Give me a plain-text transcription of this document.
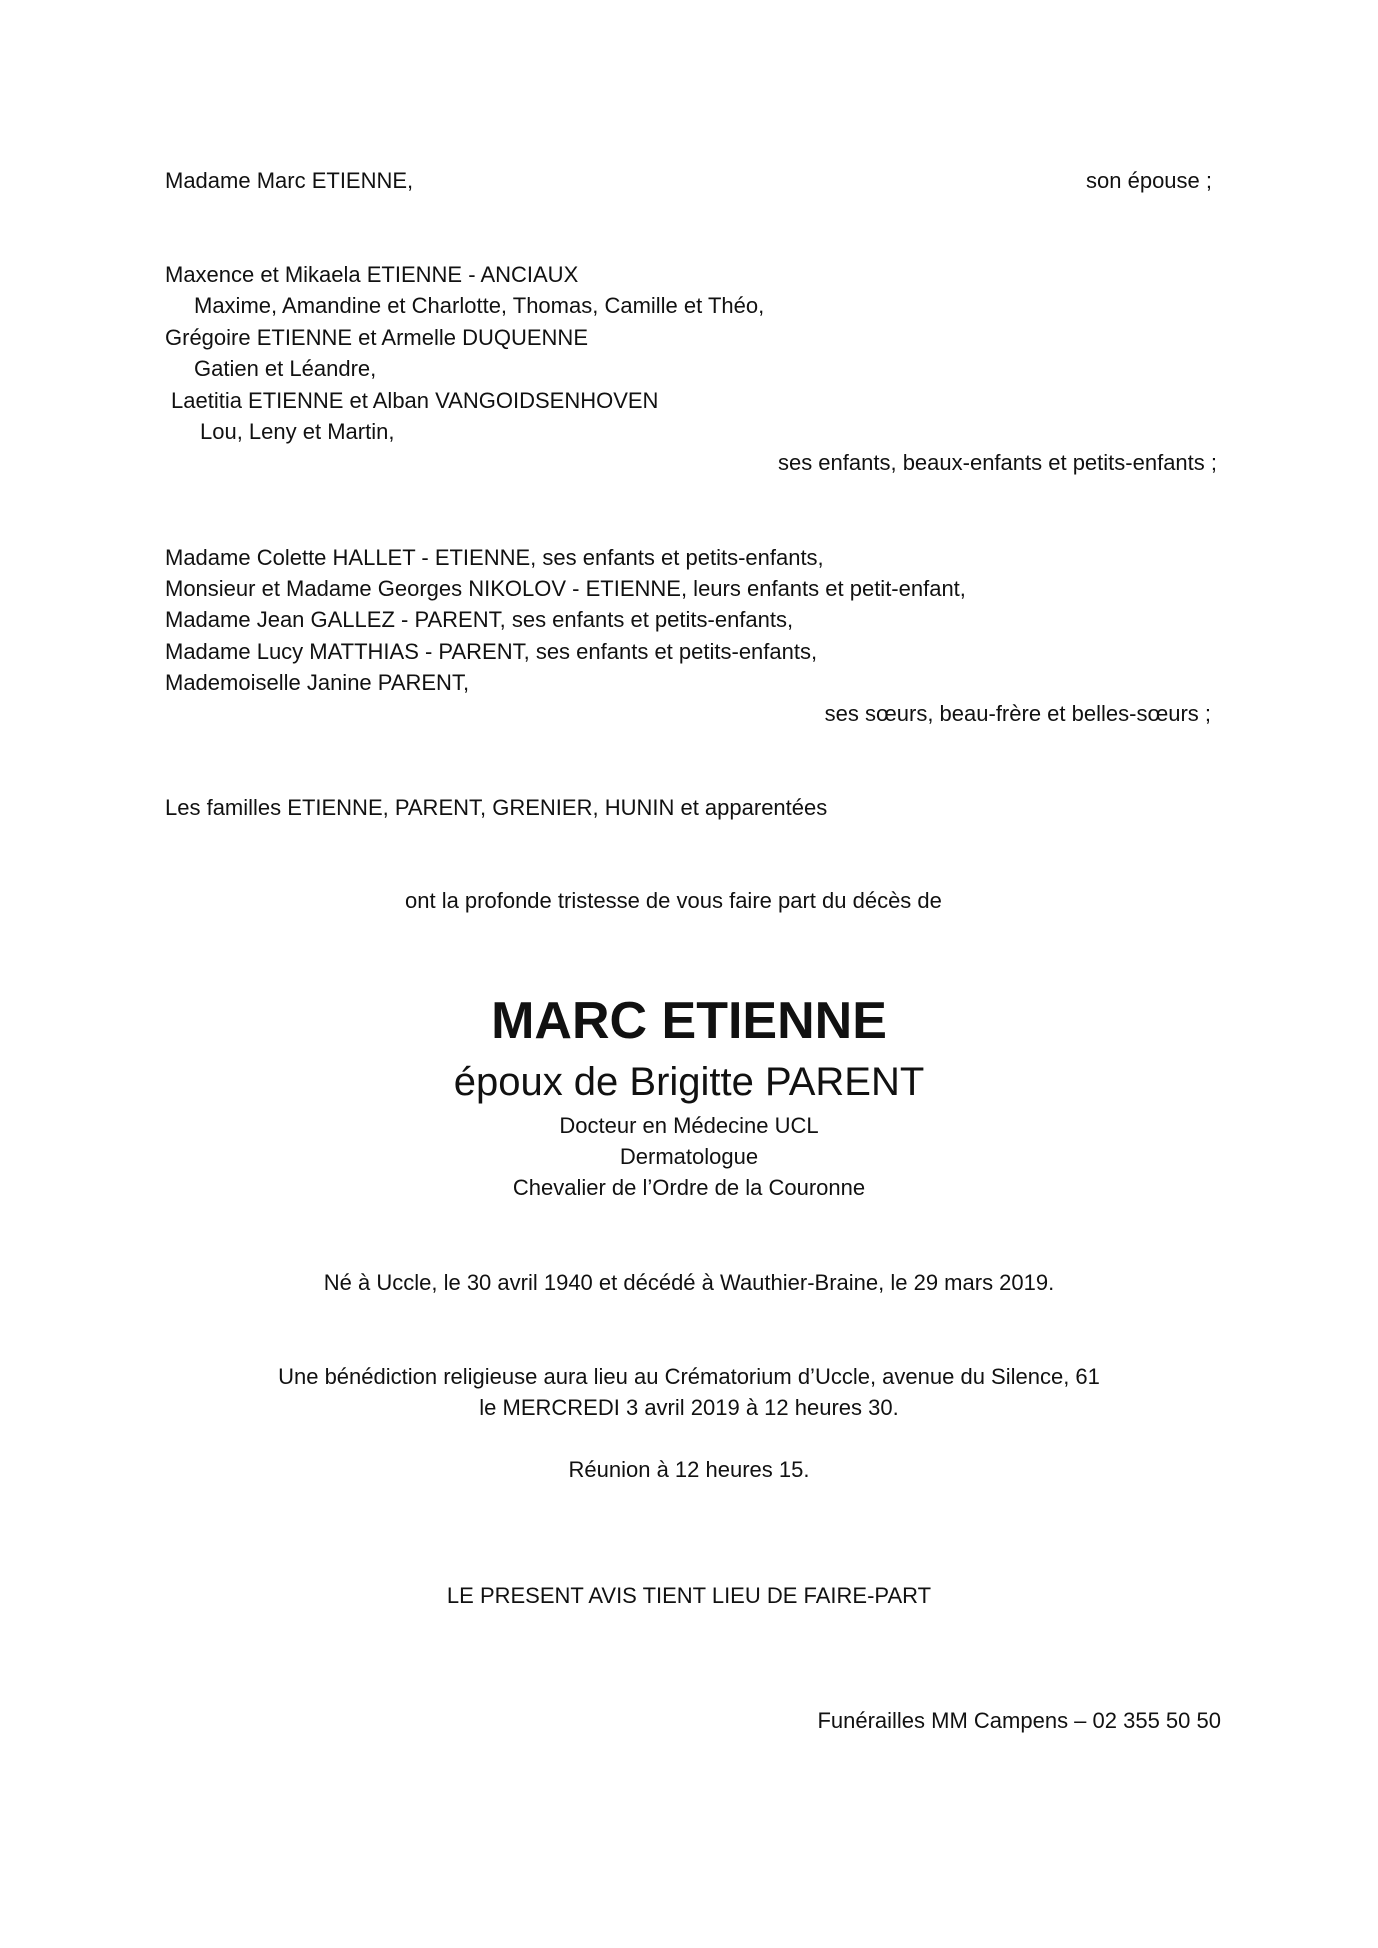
Madame Marc ETIENNE,	son épouse ;
Maxence et Mikaela ETIENNE - ANCIAUX
Maxime, Amandine et Charlotte, Thomas, Camille et Théo,
Grégoire ETIENNE et Armelle DUQUENNE
Gatien et Léandre,
Laetitia ETIENNE et Alban VANGOIDSENHOVEN
Lou, Leny et Martin,
ses enfants, beaux-enfants et petits-enfants ;
Madame Colette HALLET - ETIENNE, ses enfants et petits-enfants,
Monsieur et Madame Georges NIKOLOV - ETIENNE, leurs enfants et petit-enfant,
Madame Jean GALLEZ - PARENT, ses enfants et petits-enfants,
Madame Lucy MATTHIAS - PARENT, ses enfants et petits-enfants,
Mademoiselle Janine PARENT,
ses sœurs, beau-frère et belles-sœurs ;
Les familles ETIENNE, PARENT, GRENIER, HUNIN et apparentées
ont la profonde tristesse de vous faire part du décès de
MARC ETIENNE
époux de Brigitte PARENT
Docteur en Médecine UCL
Dermatologue
Chevalier de l’Ordre de la Couronne
Né à Uccle, le 30 avril 1940 et décédé à Wauthier-Braine, le 29 mars 2019.
Une bénédiction religieuse aura lieu au Crématorium d’Uccle, avenue du Silence, 61
le MERCREDI 3 avril 2019 à 12 heures 30.
Réunion à 12 heures 15.
LE PRESENT AVIS TIENT LIEU DE FAIRE-PART
Funérailles MM Campens – 02 355 50 50
